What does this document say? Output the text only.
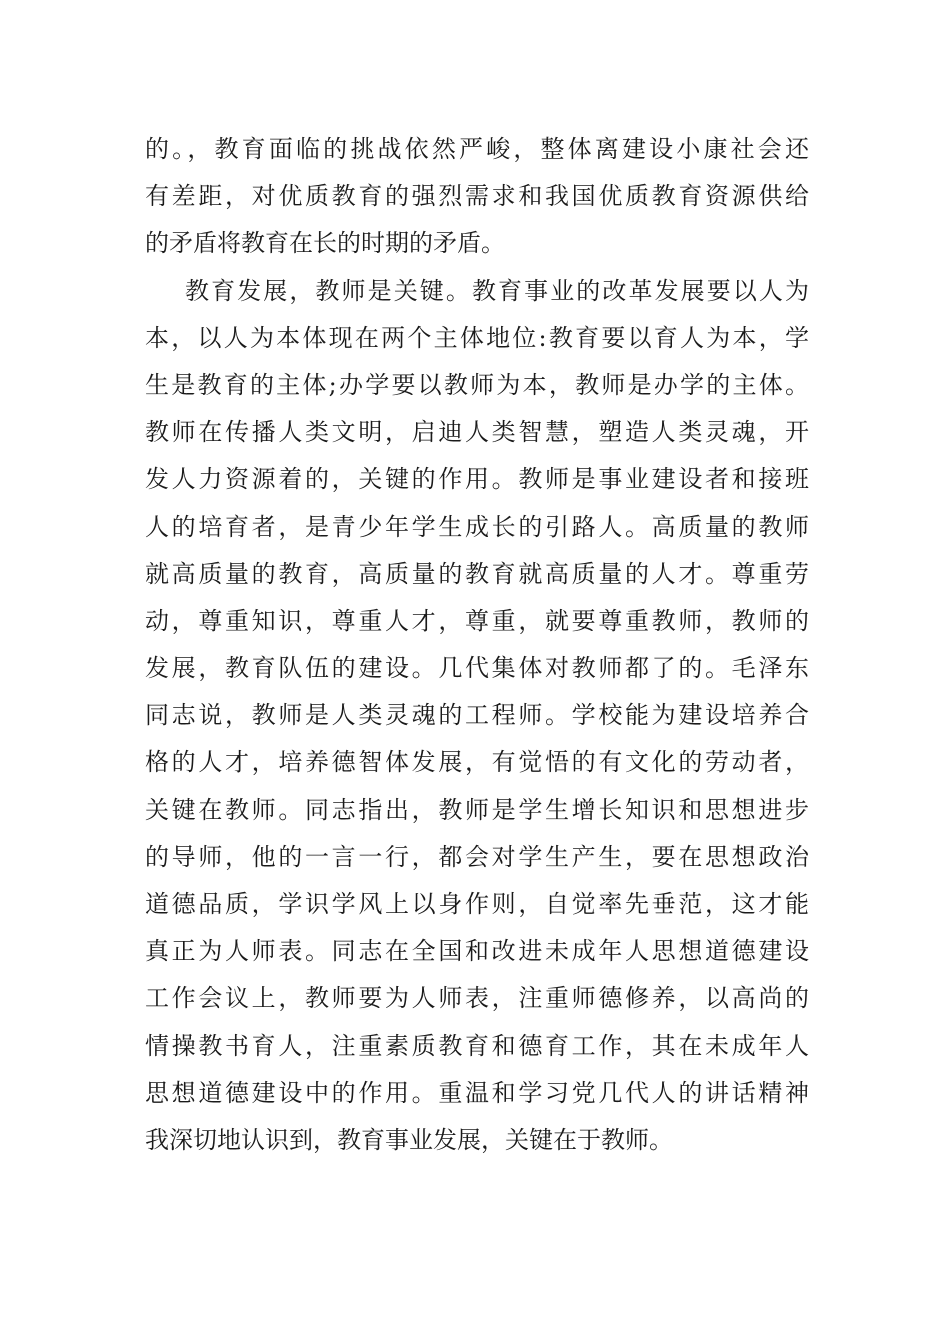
的。，教育面临的挑战依然严峻，整体离建设小康社会还
有差距，对优质教育的强烈需求和我国优质教育资源供给
的矛盾将教育在长的时期的矛盾。
教育发展，教师是关键。教育事业的改革发展要以人为
本，以人为本体现在两个主体地位:教育要以育人为本，学
生是教育的主体;办学要以教师为本，教师是办学的主体。
教师在传播人类文明，启迪人类智慧，塑造人类灵魂，开
发人力资源着的，关键的作用。教师是事业建设者和接班
人的培育者，是青少年学生成长的引路人。高质量的教师
就高质量的教育，高质量的教育就高质量的人才。尊重劳
动，尊重知识，尊重人才，尊重，就要尊重教师，教师的
发展，教育队伍的建设。几代集体对教师都了的。毛泽东
同志说，教师是人类灵魂的工程师。学校能为建设培养合
格的人才，培养德智体发展，有觉悟的有文化的劳动者，
关键在教师。同志指出，教师是学生增长知识和思想进步
的导师，他的一言一行，都会对学生产生，要在思想政治
道德品质，学识学风上以身作则，自觉率先垂范，这才能
真正为人师表。同志在全国和改进未成年人思想道德建设
工作会议上，教师要为人师表，注重师德修养，以高尚的
情操教书育人，注重素质教育和德育工作，其在未成年人
思想道德建设中的作用。重温和学习党几代人的讲话精神
我深切地认识到，教育事业发展，关键在于教师。
